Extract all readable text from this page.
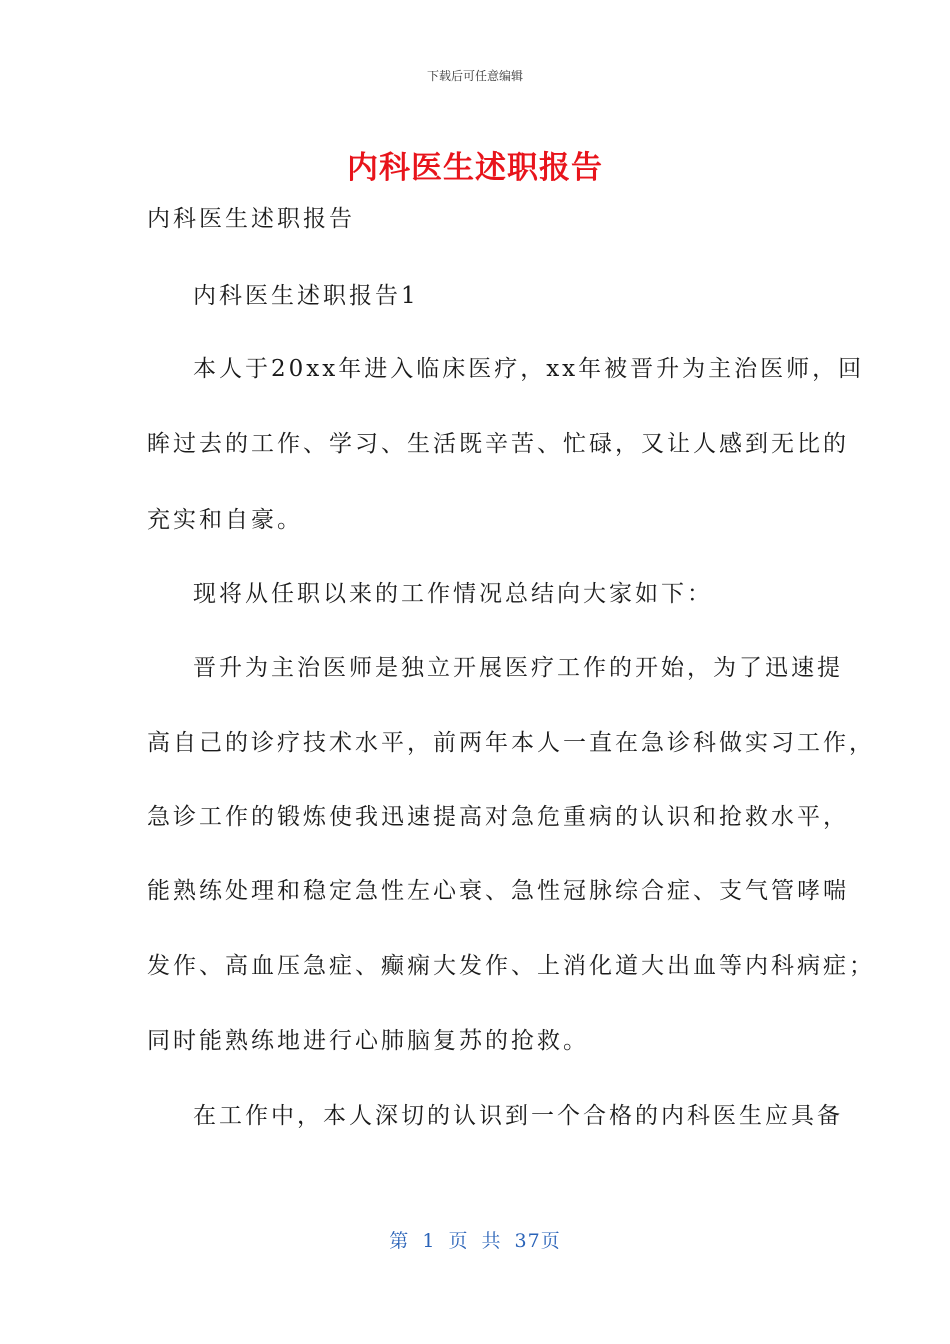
下载后可任意编辑
内科医生述职报告
内科医生述职报告
内科医生述职报告1
本人于20xx年进入临床医疗，xx年被晋升为主治医师，回
眸过去的工作、学习、生活既辛苦、忙碌，又让人感到无比的
充实和自豪。
现将从任职以来的工作情况总结向大家如下：
晋升为主治医师是独立开展医疗工作的开始，为了迅速提
高自己的诊疗技术水平，前两年本人一直在急诊科做实习工作，
急诊工作的锻炼使我迅速提高对急危重病的认识和抢救水平，
能熟练处理和稳定急性左心衰、急性冠脉综合症、支气管哮喘
发作、高血压急症、癫痫大发作、上消化道大出血等内科病症；
同时能熟练地进行心肺脑复苏的抢救。
在工作中，本人深切的认识到一个合格的内科医生应具备
第 1 页 共 37页
